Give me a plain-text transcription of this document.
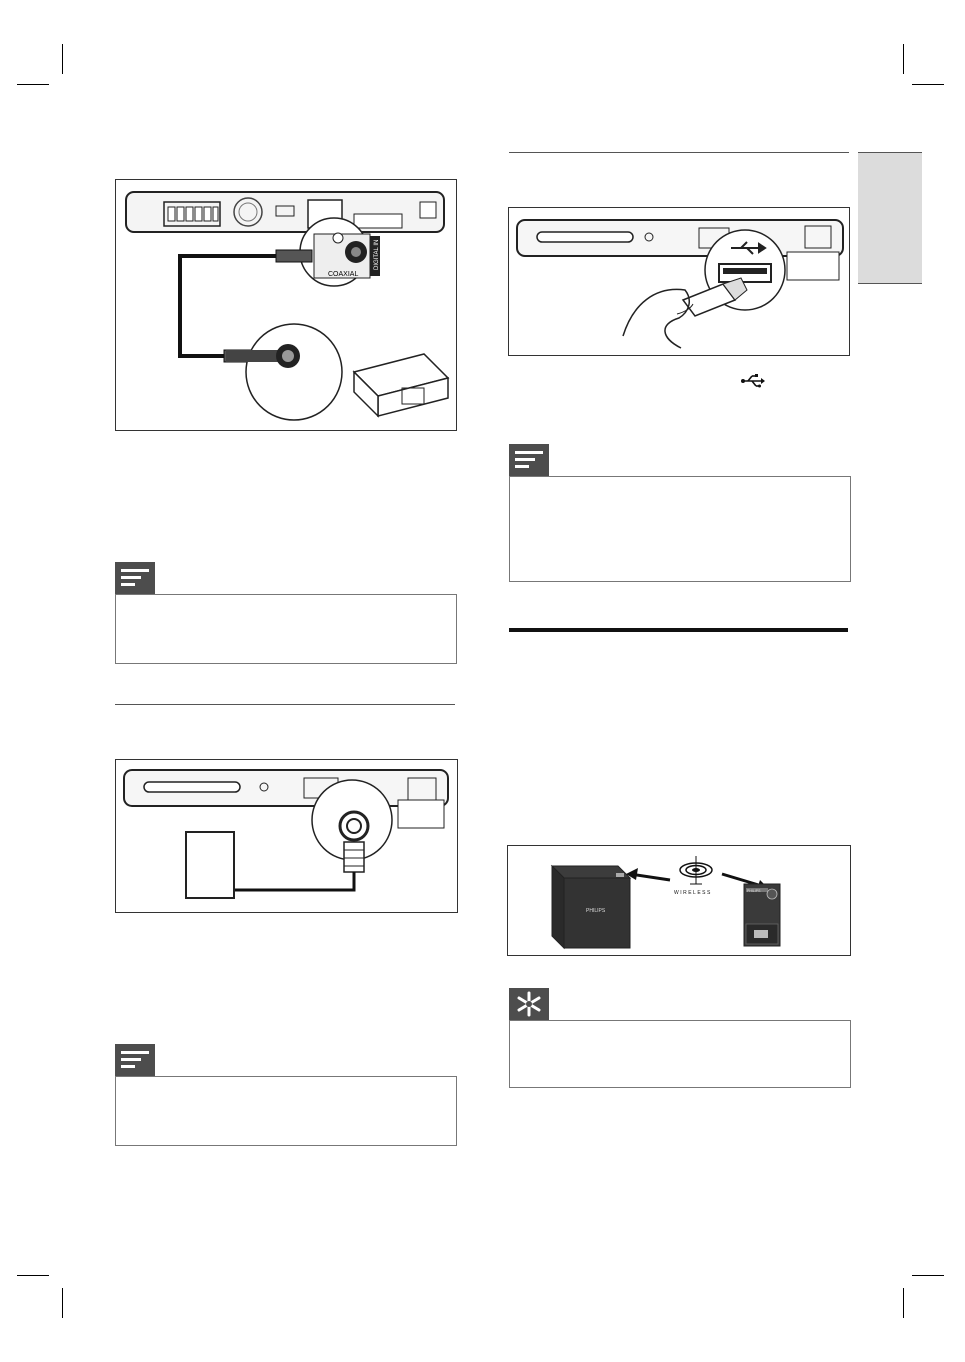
COAXIAL
DIGITAL IN
PHILIPS
WIRELESS	PHILIPS
